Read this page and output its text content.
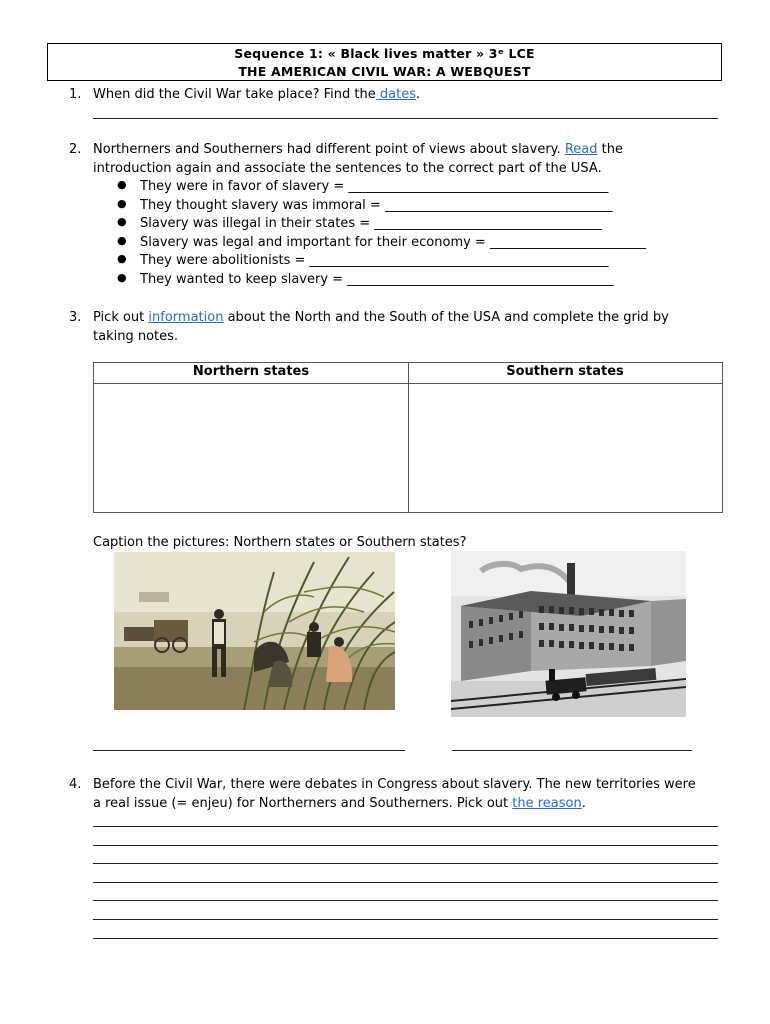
Sequence 1: « Black lives matter » 3ᵉ LCE
THE AMERICAN CIVIL WAR: A WEBQUEST
1. When did the Civil War take place? Find the dates.
2. Northerners and Southerners had different point of views about slavery. Read the
introduction again and associate the sentences to the correct part of the USA.
● They were in favor of slavery = ________________________________________
● They thought slavery was immoral = ___________________________________
● Slavery was illegal in their states = ___________________________________
● Slavery was legal and important for their economy = ________________________
● They were abolitionists = ______________________________________________
● They wanted to keep slavery = _________________________________________
3. Pick out information about the North and the South of the USA and complete the grid by
taking notes.
Northern states	Southern states
Caption the pictures: Northern states or Southern states?
4. Before the Civil War, there were debates in Congress about slavery. The new territories were
a real issue (= enjeu) for Northerners and Southerners. Pick out the reason.
